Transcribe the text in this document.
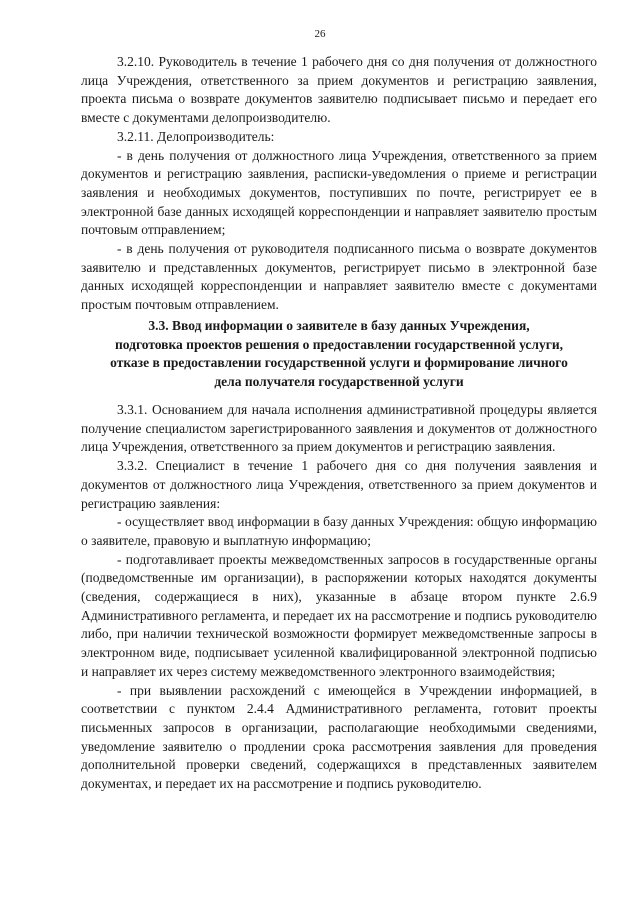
26

3.2.10. Руководитель в течение 1 рабочего дня со дня получения от должностного лица Учреждения, ответственного за прием документов и регистрацию заявления, проекта письма о возврате документов заявителю подписывает письмо и передает его вместе с документами делопроизводителю.

3.2.11. Делопроизводитель:

- в день получения от должностного лица Учреждения, ответственного за прием документов и регистрацию заявления, расписки-уведомления о приеме и регистрации заявления и необходимых документов, поступивших по почте, регистрирует ее в электронной базе данных исходящей корреспонденции и направляет заявителю простым почтовым отправлением;

- в день получения от руководителя подписанного письма о возврате документов заявителю и представленных документов, регистрирует письмо в электронной базе данных исходящей корреспонденции и направляет заявителю вместе с документами простым почтовым отправлением.

3.3. Ввод информации о заявителе в базу данных Учреждения,

подготовка проектов решения о предоставлении государственной услуги,

отказе в предоставлении государственной услуги и формирование личного

дела получателя государственной услуги

3.3.1. Основанием для начала исполнения административной процедуры является получение специалистом зарегистрированного заявления и документов от должностного лица Учреждения, ответственного за прием документов и регистрацию заявления.

3.3.2. Специалист в течение 1 рабочего дня со дня получения заявления и документов от должностного лица Учреждения, ответственного за прием документов и регистрацию заявления:

- осуществляет ввод информации в базу данных Учреждения: общую информацию о заявителе, правовую и выплатную информацию;

- подготавливает проекты межведомственных запросов в государственные органы (подведомственные им организации), в распоряжении которых находятся документы (сведения, содержащиеся в них), указанные в абзаце втором пункте 2.6.9 Административного регламента, и передает их на рассмотрение и подпись руководителю либо, при наличии технической возможности формирует межведомственные запросы в электронном виде, подписывает усиленной квалифицированной электронной подписью и направляет их через систему межведомственного электронного взаимодействия;

- при выявлении расхождений с имеющейся в Учреждении информацией, в соответствии с пунктом 2.4.4 Административного регламента, готовит проекты письменных запросов в организации, располагающие необходимыми сведениями, уведомление заявителю о продлении срока рассмотрения заявления для проведения дополнительной проверки сведений, содержащихся в представленных заявителем документах, и передает их на рассмотрение и подпись руководителю.
